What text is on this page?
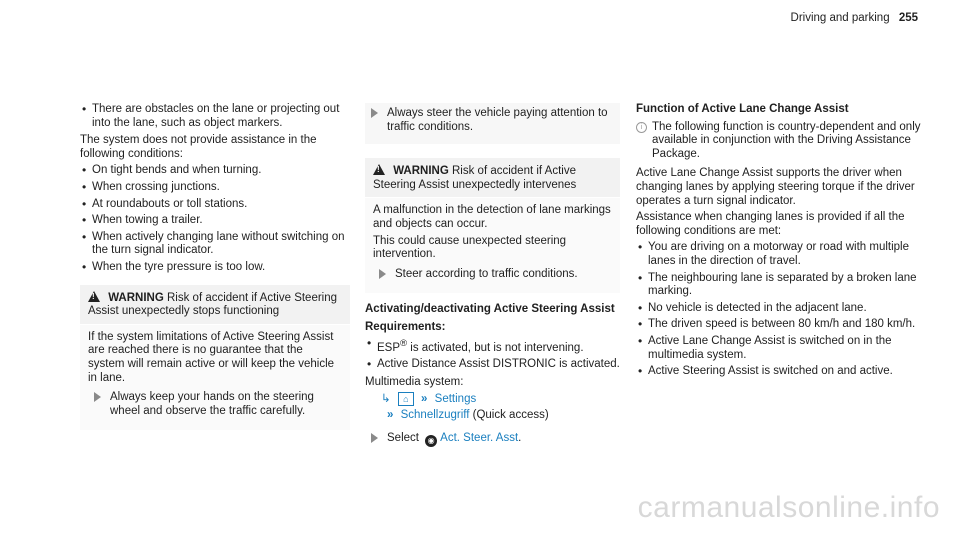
Driving and parking 255
• There are obstacles on the lane or projecting out into the lane, such as object markers.

The system does not provide assistance in the following conditions:

• On tight bends and when turning.
• When crossing junctions.
• At roundabouts or toll stations.
• When towing a trailer.
• When actively changing lane without switching on the turn signal indicator.
• When the tyre pressure is too low.
! WARNING Risk of accident if Active Steering Assist unexpectedly stops functioning

If the system limitations of Active Steering Assist are reached there is no guarantee that the system will remain active or will keep the vehicle in lane.

Always keep your hands on the steering wheel and observe the traffic carefully.
Always steer the vehicle paying attention to traffic conditions.
! WARNING Risk of accident if Active Steering Assist unexpectedly intervenes

A malfunction in the detection of lane markings and objects can occur.

This could cause unexpected steering intervention.

Steer according to traffic conditions.
Activating/deactivating Active Steering Assist
Requirements:
• ESP® is activated, but is not intervening.
• Active Distance Assist DISTRONIC is activated.

Multimedia system:

↳ ⌂ » Settings
» Schnellzugriff (Quick access)
Select ◉ Act. Steer. Asst.
Function of Active Lane Change Assist
i The following function is country-dependent and only available in conjunction with the Driving Assistance Package.

Active Lane Change Assist supports the driver when changing lanes by applying steering torque if the driver operates a turn signal indicator.

Assistance when changing lanes is provided if all the following conditions are met:

• You are driving on a motorway or road with multiple lanes in the direction of travel.
• The neighbouring lane is separated by a broken lane marking.
• No vehicle is detected in the adjacent lane.
• The driven speed is between 80 km/h and 180 km/h.
• Active Lane Change Assist is switched on in the multimedia system.
• Active Steering Assist is switched on and active.
carmanualsonline.info
